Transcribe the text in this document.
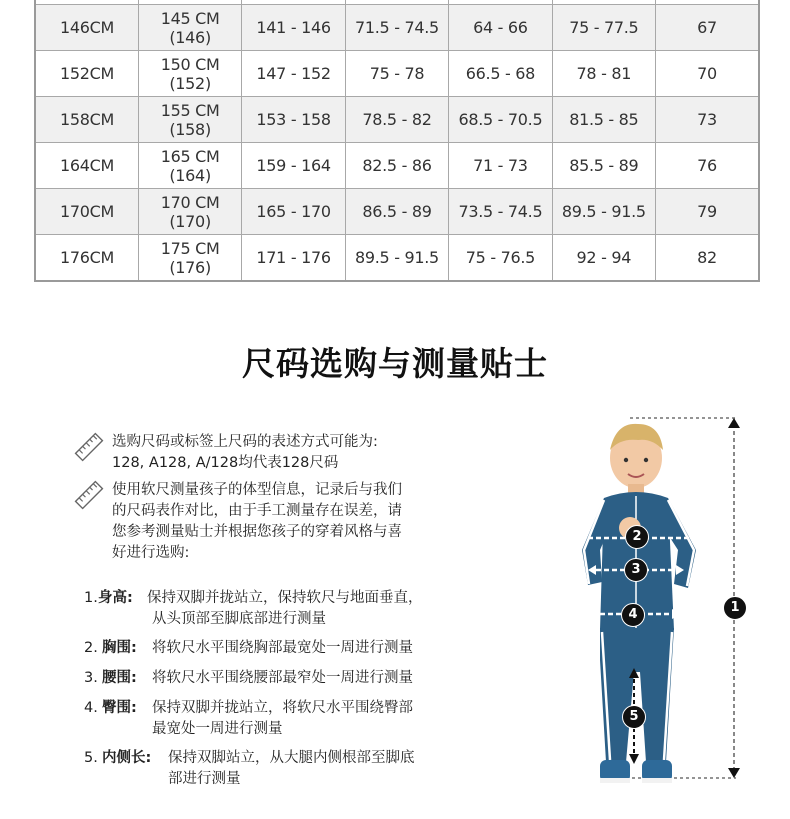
146CM	145 CM (146)	141 - 146	71.5 - 74.5	64 - 66	75 - 77.5	67
152CM	150 CM (152)	147 - 152	75 - 78	66.5 - 68	78 - 81	70
158CM	155 CM (158)	153 - 158	78.5 - 82	68.5 - 70.5	81.5 - 85	73
164CM	165 CM (164)	159 - 164	82.5 - 86	71 - 73	85.5 - 89	76
170CM	170 CM (170)	165 - 170	86.5 - 89	73.5 - 74.5	89.5 - 91.5	79
176CM	175 CM (176)	171 - 176	89.5 - 91.5	75 - 76.5	92 - 94	82
尺码选购与测量贴士
选购尺码或标签上尺码的表述方式可能为:
128, A128, A/128均代表128尺码
使用软尺测量孩子的体型信息，记录后与我们
的尺码表作对比，由于手工测量存在误差，请
您参考测量贴士并根据您孩子的穿着风格与喜
好进行选购:
1. 身高: 保持双脚并拢站立，保持软尺与地面垂直，
从头顶部至脚底部进行测量
2. 胸围: 将软尺水平围绕胸部最宽处一周进行测量
3. 腰围: 将软尺水平围绕腰部最窄处一周进行测量
4. 臀围: 保持双脚并拢站立，将软尺水平围绕臀部
最宽处一周进行测量
5. 内侧长: 保持双脚站立，从大腿内侧根部至脚底
部进行测量
1
2
3
4
5
